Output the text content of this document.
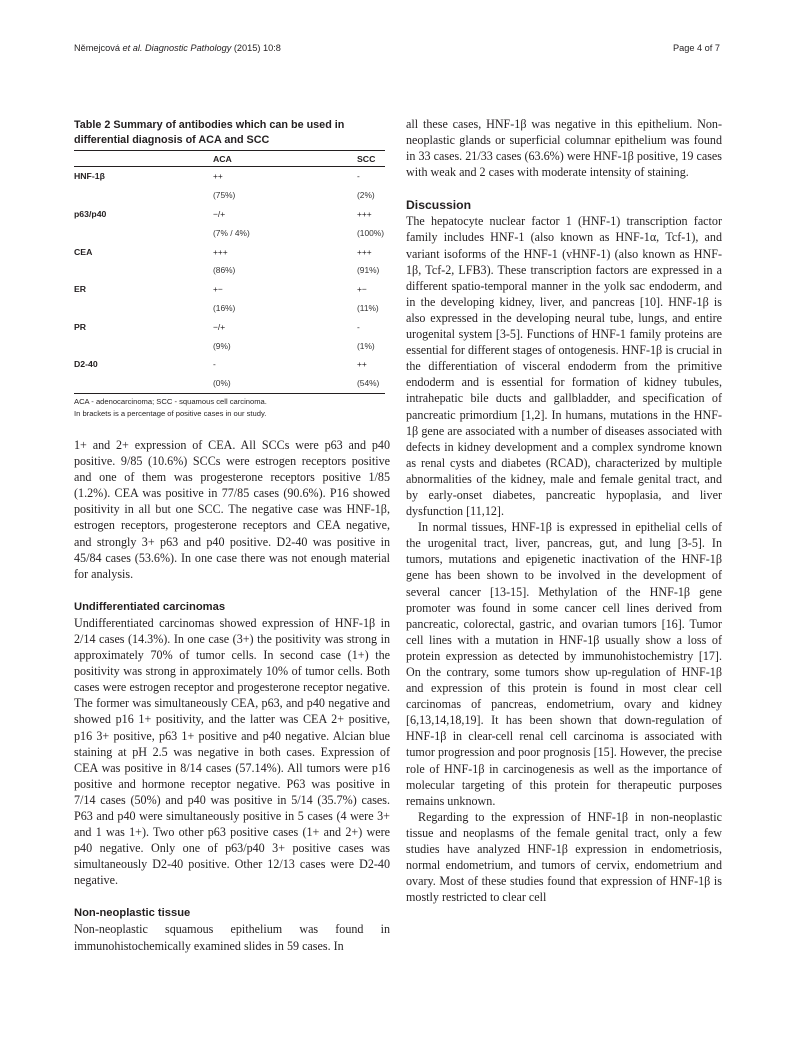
Němejcová et al. Diagnostic Pathology (2015) 10:8	Page 4 of 7
Table 2 Summary of antibodies which can be used in differential diagnosis of ACA and SCC
	ACA	SCC
HNF-1β	++	-
	(75%)	(2%)
p63/p40	−/+	+++
	(7% / 4%)	(100%)
CEA	+++	+++
	(86%)	(91%)
ER	+−	+−
	(16%)	(11%)
PR	−/+	-
	(9%)	(1%)
D2-40	-	++
	(0%)	(54%)
ACA - adenocarcinoma; SCC - squamous cell carcinoma.
In brackets is a percentage of positive cases in our study.

1+ and 2+ expression of CEA. All SCCs were p63 and p40 positive. 9/85 (10.6%) SCCs were estrogen receptors positive and one of them was progesterone receptors positive 1/85 (1.2%). CEA was positive in 77/85 cases (90.6%). P16 showed positivity in all but one SCC. The negative case was HNF-1β, estrogen receptors, progesterone receptors and CEA negative, and strongly 3+ p63 and p40 positive. D2-40 was positive in 45/84 cases (53.6%). In one case there was not enough material for analysis.

Undifferentiated carcinomas

Undifferentiated carcinomas showed expression of HNF-1β in 2/14 cases (14.3%). In one case (3+) the positivity was strong in approximately 70% of tumor cells. In second case (1+) the positivity was strong in approximately 10% of tumor cells. Both cases were estrogen receptor and progesterone receptor negative. The former was simultaneously CEA, p63, and p40 negative and showed p16 1+ positivity, and the latter was CEA 2+ positive, p16 3+ positive, p63 1+ positive and p40 negative. Alcian blue staining at pH 2.5 was negative in both cases. Expression of CEA was positive in 8/14 cases (57.14%). All tumors were p16 positive and hormone receptor negative. P63 was positive in 7/14 cases (50%) and p40 was positive in 5/14 (35.7%) cases. P63 and p40 were simultaneously positive in 5 cases (4 were 3+ and 1 was 1+). Two other p63 positive cases (1+ and 2+) were p40 negative. Only one of p63/p40 3+ positive cases was simultaneously D2-40 positive. Other 12/13 cases were D2-40 negative.

Non-neoplastic tissue

Non-neoplastic squamous epithelium was found in immunohistochemically examined slides in 59 cases. In

all these cases, HNF-1β was negative in this epithelium. Non-neoplastic glands or superficial columnar epithelium was found in 33 cases. 21/33 cases (63.6%) were HNF-1β positive, 19 cases with weak and 2 cases with moderate intensity of staining.

Discussion

The hepatocyte nuclear factor 1 (HNF-1) transcription factor family includes HNF-1 (also known as HNF-1α, Tcf-1), and variant isoforms of the HNF-1 (vHNF-1) (also known as HNF-1β, Tcf-2, LFB3). These transcription factors are expressed in a different spatio-temporal manner in the yolk sac endoderm, and in the developing kidney, liver, and pancreas [10]. HNF-1β is also expressed in the developing neural tube, lungs, and entire urogenital system [3-5]. Functions of HNF-1 family proteins are essential for different stages of ontogenesis. HNF-1β is crucial in the differentiation of visceral endoderm from the primitive endoderm and is essential for formation of kidney tubules, intrahepatic bile ducts and gallbladder, and specification of pancreatic primordium [1,2]. In humans, mutations in the HNF-1β gene are associated with a number of diseases associated with defects in kidney development and a complex syndrome known as renal cysts and diabetes (RCAD), characterized by multiple abnormalities of the kidney, male and female genital tract, and by early-onset diabetes, pancreatic hypoplasia, and liver dysfunction [11,12].

In normal tissues, HNF-1β is expressed in epithelial cells of the urogenital tract, liver, pancreas, gut, and lung [3-5]. In tumors, mutations and epigenetic inactivation of the HNF-1β gene has been shown to be involved in the development of several cancer [13-15]. Methylation of the HNF-1β gene promoter was found in some cancer cell lines derived from pancreatic, colorectal, gastric, and ovarian tumors [16]. Tumor cell lines with a mutation in HNF-1β usually show a loss of protein expression as detected by immunohistochemistry [17]. On the contrary, some tumors show up-regulation of HNF-1β and expression of this protein is found in most clear cell carcinomas of pancreas, endometrium, ovary and kidney [6,13,14,18,19]. It has been shown that down-regulation of HNF-1β in clear-cell renal cell carcinoma is associated with tumor progression and poor prognosis [15]. However, the precise role of HNF-1β in carcinogenesis as well as the importance of molecular targeting of this protein for therapeutic purposes remains unknown.

Regarding to the expression of HNF-1β in non-neoplastic tissue and neoplasms of the female genital tract, only a few studies have analyzed HNF-1β expression in endometriosis, normal endometrium, and tumors of cervix, endometrium and ovary. Most of these studies found that expression of HNF-1β is mostly restricted to clear cell
